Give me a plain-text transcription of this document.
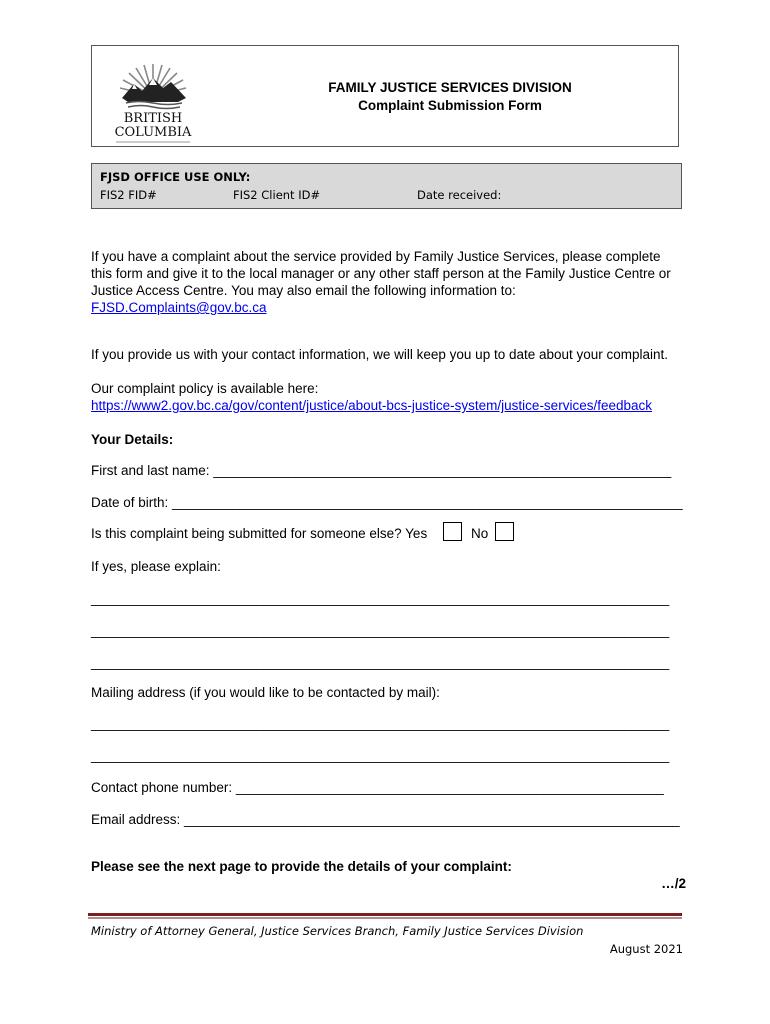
BRITISH
COLUMBIA
FAMILY JUSTICE SERVICES DIVISION
Complaint Submission Form
FJSD OFFICE USE ONLY:
FIS2 FID#	FIS2 Client ID#	Date received:
If you have a complaint about the service provided by Family Justice Services, please complete
this form and give it to the local manager or any other staff person at the Family Justice Centre or
Justice Access Centre. You may also email the following information to:
FJSD.Complaints@gov.bc.ca
If you provide us with your contact information, we will keep you up to date about your complaint.
Our complaint policy is available here:
https://www2.gov.bc.ca/gov/content/justice/about-bcs-justice-system/justice-services/feedback
Your Details:
First and last name: _____________________________________________________________
Date of birth: ____________________________________________________________________
Is this complaint being submitted for someone else? Yes	No
If yes, please explain:
_____________________________________________________________________________
_____________________________________________________________________________
_____________________________________________________________________________
Mailing address (if you would like to be contacted by mail):
_____________________________________________________________________________
_____________________________________________________________________________
Contact phone number: _________________________________________________________
Email address: __________________________________________________________________
Please see the next page to provide the details of your complaint:
…/2
Ministry of Attorney General, Justice Services Branch, Family Justice Services Division
August 2021
